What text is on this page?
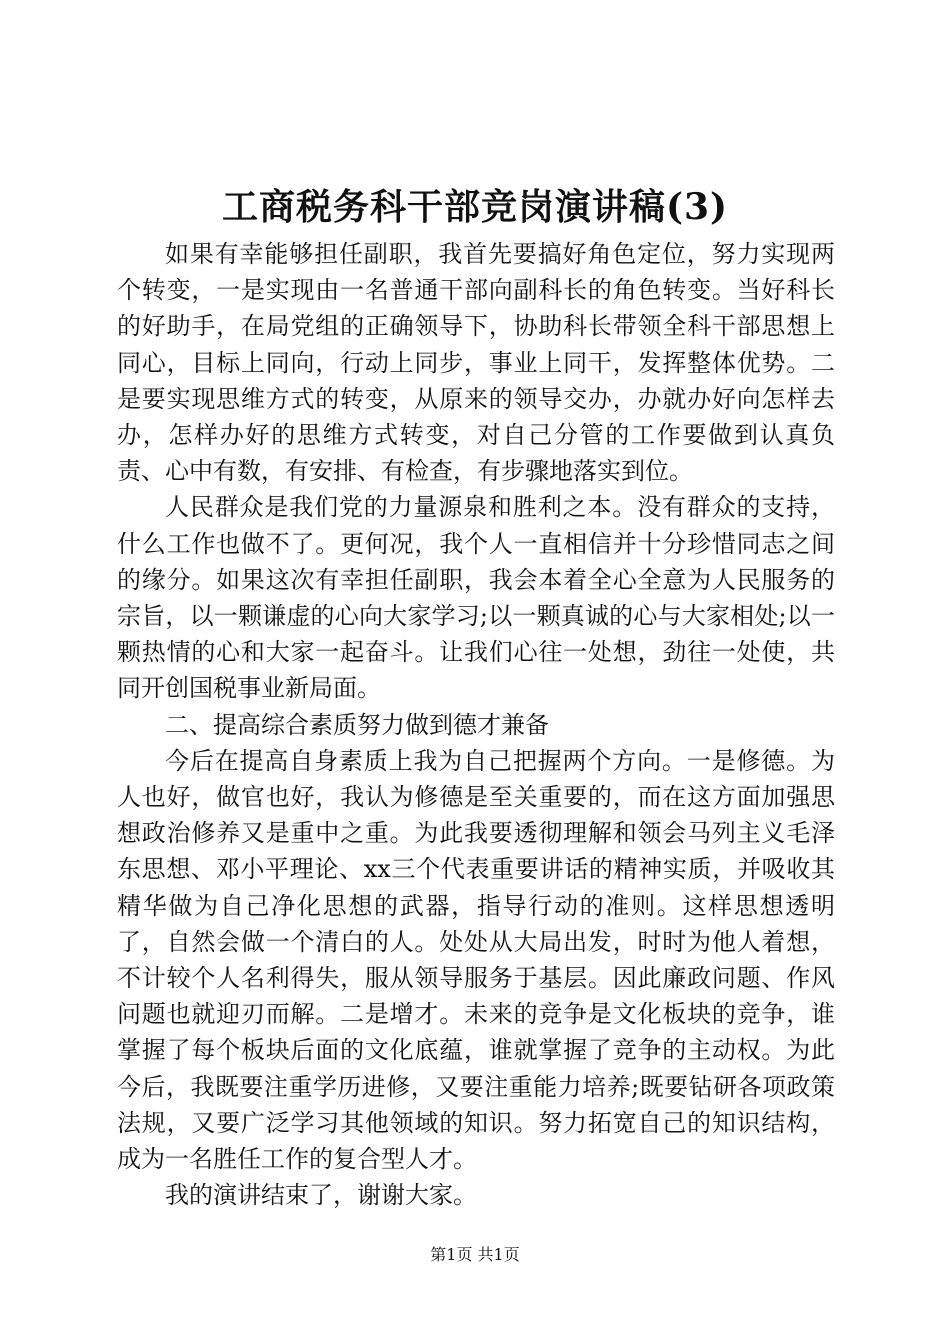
工商税务科干部竞岗演讲稿(3)

如果有幸能够担任副职，我首先要搞好角色定位，努力实现两个转变，一是实现由一名普通干部向副科长的角色转变。当好科长的好助手，在局党组的正确领导下，协助科长带领全科干部思想上同心，目标上同向，行动上同步，事业上同干，发挥整体优势。二是要实现思维方式的转变，从原来的领导交办，办就办好向怎样去办，怎样办好的思维方式转变，对自己分管的工作要做到认真负责、心中有数，有安排、有检查，有步骤地落实到位。

人民群众是我们党的力量源泉和胜利之本。没有群众的支持，什么工作也做不了。更何况，我个人一直相信并十分珍惜同志之间的缘分。如果这次有幸担任副职，我会本着全心全意为人民服务的宗旨，以一颗谦虚的心向大家学习;以一颗真诚的心与大家相处;以一颗热情的心和大家一起奋斗。让我们心往一处想，劲往一处使，共同开创国税事业新局面。

二、提高综合素质努力做到德才兼备

今后在提高自身素质上我为自己把握两个方向。一是修德。为人也好，做官也好，我认为修德是至关重要的，而在这方面加强思想政治修养又是重中之重。为此我要透彻理解和领会马列主义毛泽东思想、邓小平理论、xx三个代表重要讲话的精神实质，并吸收其精华做为自己净化思想的武器，指导行动的准则。这样思想透明了，自然会做一个清白的人。处处从大局出发，时时为他人着想，不计较个人名利得失，服从领导服务于基层。因此廉政问题、作风问题也就迎刃而解。二是增才。未来的竞争是文化板块的竞争，谁掌握了每个板块后面的文化底蕴，谁就掌握了竞争的主动权。为此今后，我既要注重学历进修，又要注重能力培养;既要钻研各项政策法规，又要广泛学习其他领域的知识。努力拓宽自己的知识结构，成为一名胜任工作的复合型人才。

我的演讲结束了，谢谢大家。

第1页 共1页
